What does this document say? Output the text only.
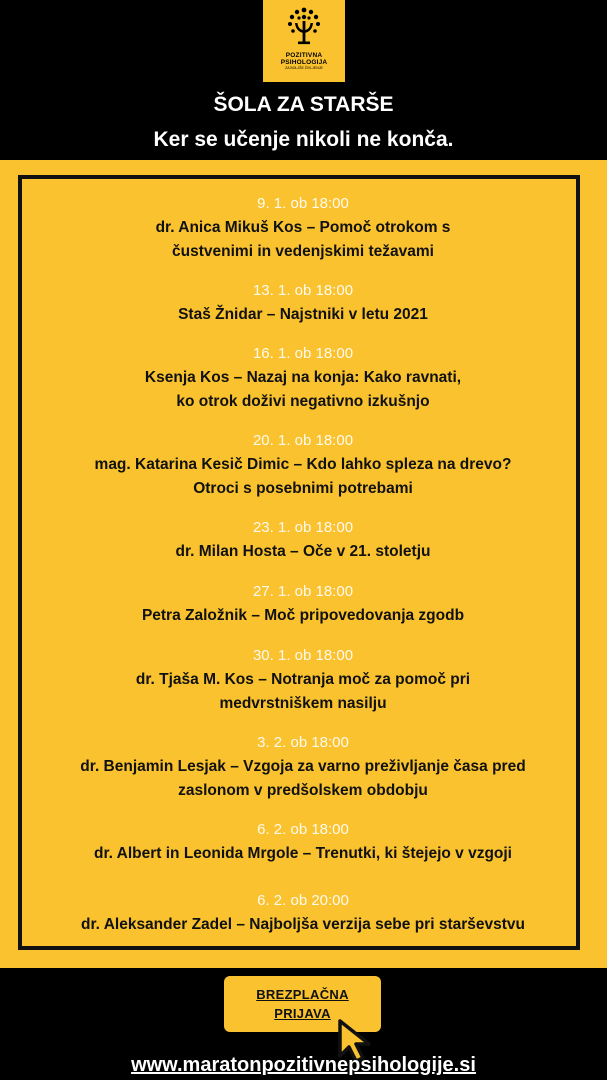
POZITIVNA
PSIHOLOGIJA
ZA BOLJŠE ŽIVLJENJE
ŠOLA ZA STARŠE
Ker se učenje nikoli ne konča.
9. 1. ob 18:00
dr. Anica Mikuš Kos – Pomoč otrokom s
čustvenimi in vedenjskimi težavami
13. 1. ob 18:00
Staš Žnidar – Najstniki v letu 2021
16. 1. ob 18:00
Ksenja Kos – Nazaj na konja: Kako ravnati,
ko otrok doživi negativno izkušnjo
20. 1. ob 18:00
mag. Katarina Kesič Dimic – Kdo lahko spleza na drevo?
Otroci s posebnimi potrebami
23. 1. ob 18:00
dr. Milan Hosta – Oče v 21. stoletju
27. 1. ob 18:00
Petra Založnik – Moč pripovedovanja zgodb
30. 1. ob 18:00
dr. Tjaša M. Kos – Notranja moč za pomoč pri
medvrstniškem nasilju
3. 2. ob 18:00
dr. Benjamin Lesjak – Vzgoja za varno preživljanje časa pred
zaslonom v predšolskem obdobju
6. 2. ob 18:00
dr. Albert in Leonida Mrgole – Trenutki, ki štejejo v vzgoji
6. 2. ob 20:00
dr. Aleksander Zadel – Najboljša verzija sebe pri starševstvu
BREZPLAČNA
PRIJAVA
www.maratonpozitivnepsihologije.si
